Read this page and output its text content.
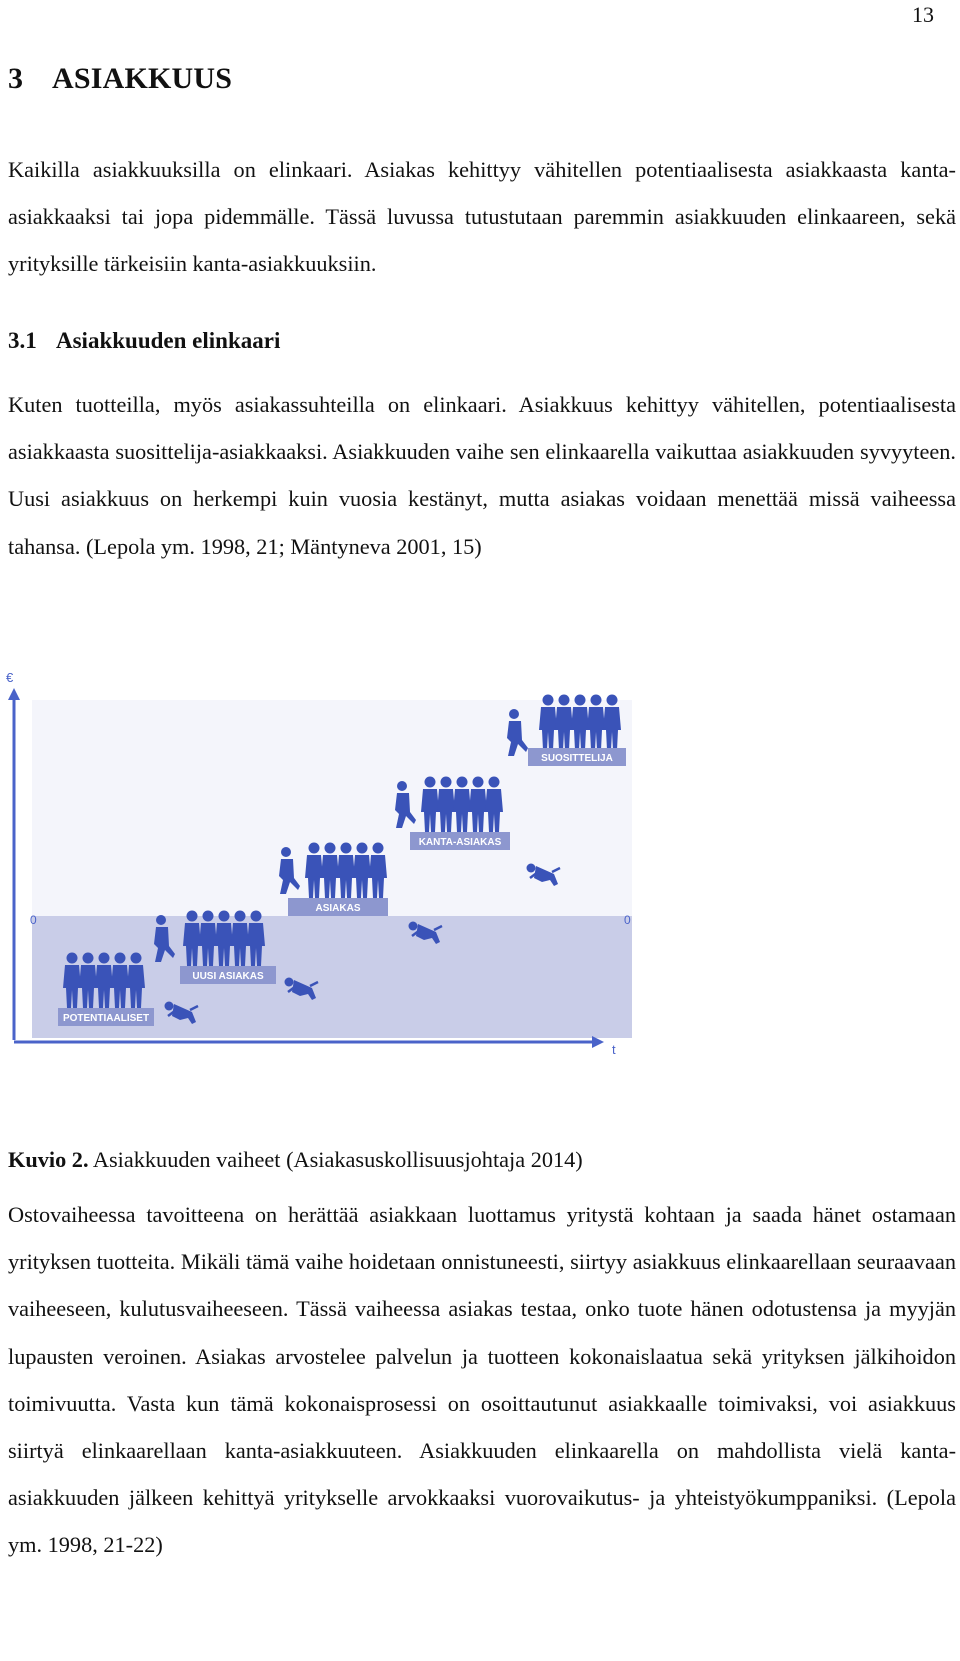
13
3 ASIAKKUUS

Kaikilla asiakkuuksilla on elinkaari. Asiakas kehittyy vähitellen potentiaalisesta asiakkaasta kanta-asiakkaaksi tai jopa pidemmälle. Tässä luvussa tutustutaan paremmin asiakkuuden elinkaareen, sekä yrityksille tärkeisiin kanta-asiakkuuksiin.

3.1 Asiakkuuden elinkaari

Kuten tuotteilla, myös asiakassuhteilla on elinkaari. Asiakkuus kehittyy vähitellen, potentiaalisesta asiakkaasta suosittelija-asiakkaaksi. Asiakkuuden vaihe sen elinkaarella vaikuttaa asiakkuuden syvyyteen. Uusi asiakkuus on herkempi kuin vuosia kestänyt, mutta asiakas voidaan menettää missä vaiheessa tahansa. (Lepola ym. 1998, 21; Mäntyneva 2001, 15)

€
t
0	0
POTENTIAALISET
UUSI ASIAKAS
ASIAKAS
KANTA-ASIAKAS
SUOSITTELIJA

Kuvio 2. Asiakkuuden vaiheet (Asiakasuskollisuusjohtaja 2014)

Ostovaiheessa tavoitteena on herättää asiakkaan luottamus yritystä kohtaan ja saada hänet ostamaan yrityksen tuotteita. Mikäli tämä vaihe hoidetaan onnistuneesti, siirtyy asiakkuus elinkaarellaan seuraavaan vaiheeseen, kulutusvaiheeseen. Tässä vaiheessa asiakas testaa, onko tuote hänen odotustensa ja myyjän lupausten veroinen. Asiakas arvostelee palvelun ja tuotteen kokonaislaatua sekä yrityksen jälkihoidon toimivuutta. Vasta kun tämä kokonaisprosessi on osoittautunut asiakkaalle toimivaksi, voi asiakkuus siirtyä elinkaarellaan kanta-asiakkuuteen. Asiakkuuden elinkaarella on mahdollista vielä kanta-asiakkuuden jälkeen kehittyä yritykselle arvokkaaksi vuorovaikutus- ja yhteistyökumppaniksi. (Lepola ym. 1998, 21-22)
